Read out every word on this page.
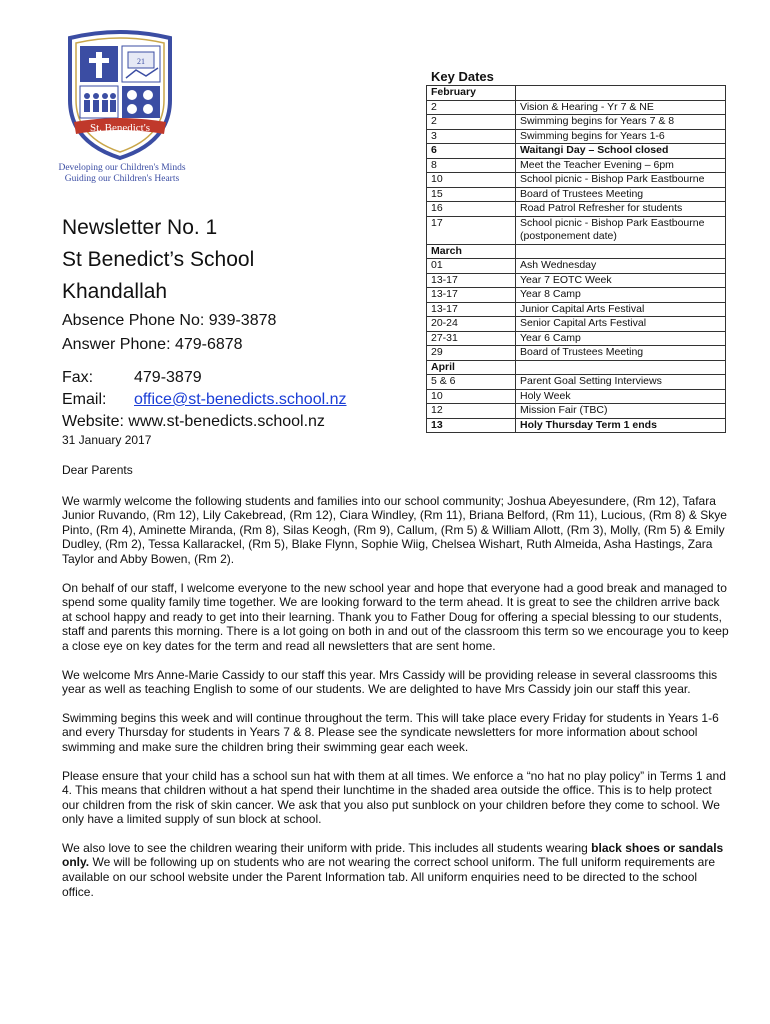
21
St. Benedict's
Developing our Children's Minds
Guiding our Children's Hearts
Newsletter No. 1
St Benedict’s School
Khandallah
Absence Phone No: 939-3878
Answer Phone: 479-6878
Fax:	479-3879
Email: office@st-benedicts.school.nz
Website: www.st-benedicts.school.nz
31 January 2017
Key Dates
February	
2	Vision & Hearing - Yr 7 & NE
2	Swimming begins for Years 7 & 8
3	Swimming begins for Years 1-6
6	Waitangi Day – School closed
8	Meet the Teacher Evening – 6pm
10	School picnic - Bishop Park Eastbourne
15	Board of Trustees Meeting
16	Road Patrol Refresher for students
17	School picnic - Bishop Park Eastbourne (postponement date)
March	
01	Ash Wednesday
13-17	Year 7 EOTC Week
13-17	Year 8 Camp
13-17	Junior Capital Arts Festival
20-24	Senior Capital Arts Festival
27-31	Year 6 Camp
29	Board of Trustees Meeting
April	
5 & 6	Parent Goal Setting Interviews
10	Holy Week
12	Mission Fair (TBC)
13	Holy Thursday Term 1 ends

Dear Parents

We warmly welcome the following students and families into our school community; Joshua Abeyesundere, (Rm 12), Tafara Junior Ruvando, (Rm 12), Lily Cakebread, (Rm 12), Ciara Windley, (Rm 11), Briana Belford, (Rm 11), Lucious, (Rm 8) & Skye Pinto, (Rm 4), Aminette Miranda, (Rm 8), Silas Keogh, (Rm 9), Callum, (Rm 5) & William Allott, (Rm 3), Molly, (Rm 5) & Emily Dudley, (Rm 2), Tessa Kallarackel, (Rm 5), Blake Flynn, Sophie Wiig, Chelsea Wishart, Ruth Almeida, Asha Hastings, Zara Taylor and Abby Bowen, (Rm 2).

On behalf of our staff, I welcome everyone to the new school year and hope that everyone had a good break and managed to spend some quality family time together. We are looking forward to the term ahead. It is great to see the children arrive back at school happy and ready to get into their learning. Thank you to Father Doug for offering a special blessing to our students, staff and parents this morning. There is a lot going on both in and out of the classroom this term so we encourage you to keep a close eye on key dates for the term and read all newsletters that are sent home.

We welcome Mrs Anne-Marie Cassidy to our staff this year. Mrs Cassidy will be providing release in several classrooms this year as well as teaching English to some of our students. We are delighted to have Mrs Cassidy join our staff this year.

Swimming begins this week and will continue throughout the term. This will take place every Friday for students in Years 1-6 and every Thursday for students in Years 7 & 8. Please see the syndicate newsletters for more information about school swimming and make sure the children bring their swimming gear each week.

Please ensure that your child has a school sun hat with them at all times. We enforce a “no hat no play policy” in Terms 1 and 4. This means that children without a hat spend their lunchtime in the shaded area outside the office. This is to help protect our children from the risk of skin cancer. We ask that you also put sunblock on your children before they come to school. We only have a limited supply of sun block at school.

We also love to see the children wearing their uniform with pride. This includes all students wearing black shoes or sandals only. We will be following up on students who are not wearing the correct school uniform. The full uniform requirements are available on our school website under the Parent Information tab. All uniform enquiries need to be directed to the school office.
